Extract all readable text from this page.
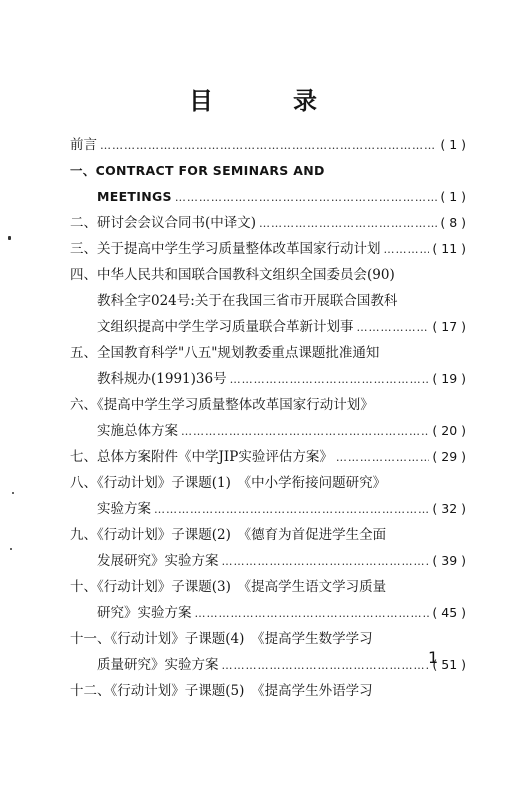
目　录
前言 ……………………………………………………………………………………………………………………	( 1 )
一、CONTRACT FOR SEMINARS AND
MEETINGS ……………………………………………………………………………………………………………………	( 1 )
二、研讨会会议合同书(中译文) ……………………………………………………………………………………………………………………	( 8 )
三、关于提高中学生学习质量整体改革国家行动计划 ……………………………………………………………………………………………………………………	( 11 )
四、中华人民共和国联合国教科文组织全国委员会(90)
教科全字024号:关于在我国三省市开展联合国教科
文组织提高中学生学习质量联合革新计划事 ……………………………………………………………………………………………………………………	( 17 )
五、全国教育科学"八五"规划教委重点课题批准通知
教科规办(1991)36号 ……………………………………………………………………………………………………………………	( 19 )
六、《提高中学生学习质量整体改革国家行动计划》
实施总体方案 ……………………………………………………………………………………………………………………	( 20 )
七、总体方案附件《中学JIP实验评估方案》 ……………………………………………………………………………………………………………………	( 29 )
八、《行动计划》子课题(1)　《中小学衔接问题研究》
实验方案 ……………………………………………………………………………………………………………………	( 32 )
九、《行动计划》子课题(2)　《德育为首促进学生全面
发展研究》实验方案 ……………………………………………………………………………………………………………………	( 39 )
十、《行动计划》子课题(3)　《提高学生语文学习质量
研究》实验方案 ……………………………………………………………………………………………………………………	( 45 )
十一、《行动计划》子课题(4)　《提高学生数学学习
质量研究》实验方案 ……………………………………………………………………………………………………………………	( 51 )
十二、《行动计划》子课题(5)　《提高学生外语学习
1
